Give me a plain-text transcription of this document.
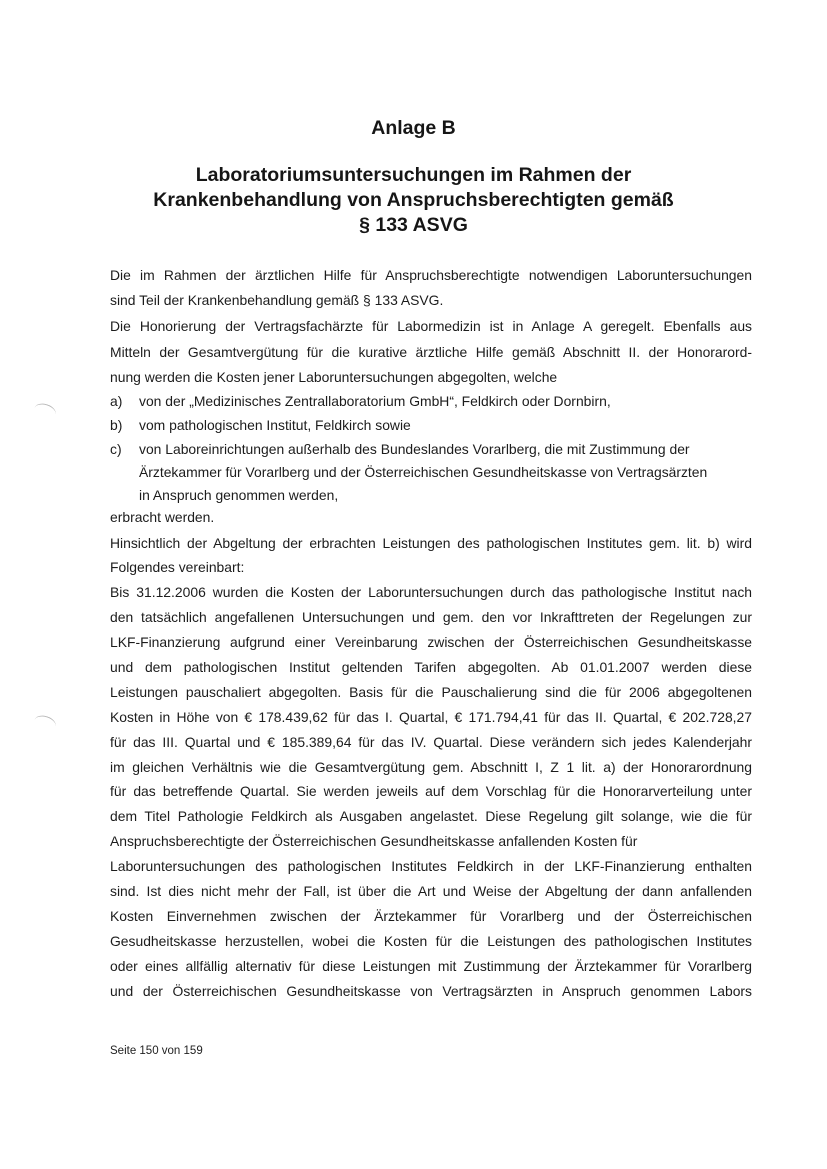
Anlage B
Laboratoriumsuntersuchungen im Rahmen der
Krankenbehandlung von Anspruchsberechtigten gemäß
§ 133 ASVG
Die im Rahmen der ärztlichen Hilfe für Anspruchsberechtigte notwendigen Laboruntersuchungen
sind Teil der Krankenbehandlung gemäß § 133 ASVG.
Die Honorierung der Vertragsfachärzte für Labormedizin ist in Anlage A geregelt. Ebenfalls aus
Mitteln der Gesamtvergütung für die kurative ärztliche Hilfe gemäß Abschnitt II. der Honorarord-
nung werden die Kosten jener Laboruntersuchungen abgegolten, welche
a) von der „Medizinisches Zentrallaboratorium GmbH“, Feldkirch oder Dornbirn,
b) vom pathologischen Institut, Feldkirch sowie
c) von Laboreinrichtungen außerhalb des Bundeslandes Vorarlberg, die mit Zustimmung der
Ärztekammer für Vorarlberg und der Österreichischen Gesundheitskasse von Vertragsärzten
in Anspruch genommen werden,
erbracht werden.
Hinsichtlich der Abgeltung der erbrachten Leistungen des pathologischen Institutes gem. lit. b) wird
Folgendes vereinbart:
Bis 31.12.2006 wurden die Kosten der Laboruntersuchungen durch das pathologische Institut nach
den tatsächlich angefallenen Untersuchungen und gem. den vor Inkrafttreten der Regelungen zur
LKF-Finanzierung aufgrund einer Vereinbarung zwischen der Österreichischen Gesundheitskasse
und dem pathologischen Institut geltenden Tarifen abgegolten. Ab 01.01.2007 werden diese
Leistungen pauschaliert abgegolten. Basis für die Pauschalierung sind die für 2006 abgegoltenen
Kosten in Höhe von € 178.439,62 für das I. Quartal, € 171.794,41 für das II. Quartal, € 202.728,27
für das III. Quartal und € 185.389,64 für das IV. Quartal. Diese verändern sich jedes Kalenderjahr
im gleichen Verhältnis wie die Gesamtvergütung gem. Abschnitt I, Z 1 lit. a) der Honorarordnung
für das betreffende Quartal. Sie werden jeweils auf dem Vorschlag für die Honorarverteilung unter
dem Titel Pathologie Feldkirch als Ausgaben angelastet. Diese Regelung gilt solange, wie die für
Anspruchsberechtigte der Österreichischen Gesundheitskasse anfallenden Kosten für
Laboruntersuchungen des pathologischen Institutes Feldkirch in der LKF-Finanzierung enthalten
sind. Ist dies nicht mehr der Fall, ist über die Art und Weise der Abgeltung der dann anfallenden
Kosten Einvernehmen zwischen der Ärztekammer für Vorarlberg und der Österreichischen
Gesudheitskasse herzustellen, wobei die Kosten für die Leistungen des pathologischen Institutes
oder eines allfällig alternativ für diese Leistungen mit Zustimmung der Ärztekammer für Vorarlberg
und der Österreichischen Gesundheitskasse von Vertragsärzten in Anspruch genommen Labors
Seite 150 von 159
